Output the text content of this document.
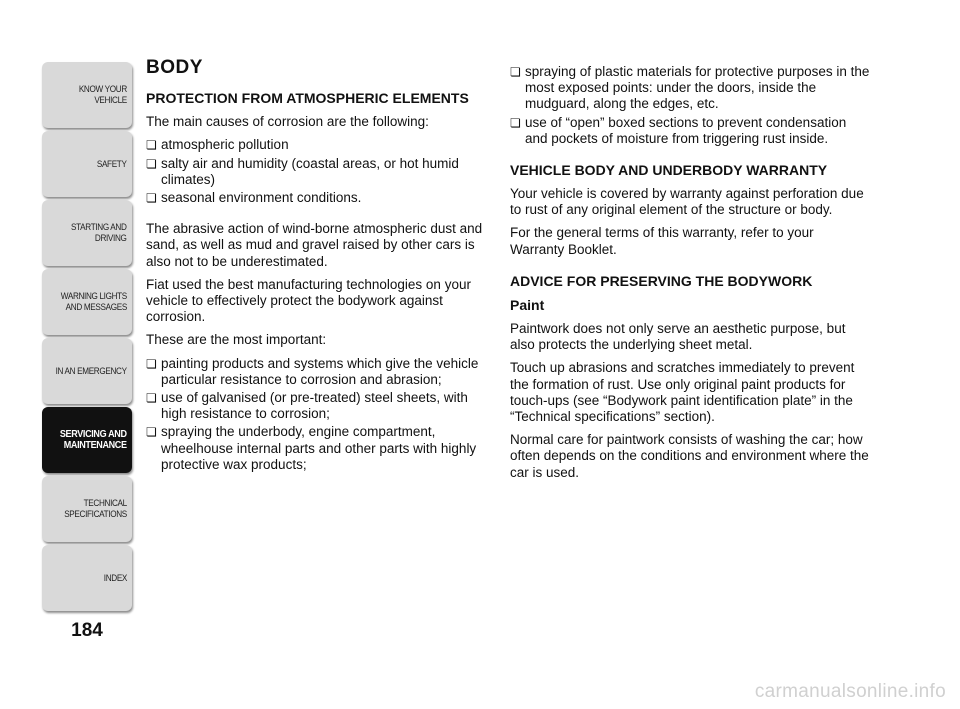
KNOW YOUR
VEHICLE
SAFETY
STARTING AND
DRIVING
WARNING LIGHTS
AND MESSAGES
IN AN EMERGENCY
SERVICING AND
MAINTENANCE
TECHNICAL
SPECIFICATIONS
INDEX
184
BODY
PROTECTION FROM ATMOSPHERIC ELEMENTS

The main causes of corrosion are the following:

❏ atmospheric pollution
❏ salty air and humidity (coastal areas, or hot humid climates)
❏ seasonal environment conditions.

The abrasive action of wind-borne atmospheric dust and sand, as well as mud and gravel raised by other cars is also not to be underestimated.

Fiat used the best manufacturing technologies on your vehicle to effectively protect the bodywork against corrosion.

These are the most important:

❏ painting products and systems which give the vehicle particular resistance to corrosion and abrasion;
❏ use of galvanised (or pre-treated) steel sheets, with high resistance to corrosion;
❏ spraying the underbody, engine compartment, wheelhouse internal parts and other parts with highly protective wax products;
❏ spraying of plastic materials for protective purposes in the most exposed points: under the doors, inside the mudguard, along the edges, etc.
❏ use of “open” boxed sections to prevent condensation and pockets of moisture from triggering rust inside.
VEHICLE BODY AND UNDERBODY WARRANTY

Your vehicle is covered by warranty against perforation due to rust of any original element of the structure or body.

For the general terms of this warranty, refer to your Warranty Booklet.

ADVICE FOR PRESERVING THE BODYWORK
Paint

Paintwork does not only serve an aesthetic purpose, but also protects the underlying sheet metal.

Touch up abrasions and scratches immediately to prevent the formation of rust. Use only original paint products for touch-ups (see “Bodywork paint identification plate” in the “Technical specifications” section).

Normal care for paintwork consists of washing the car; how often depends on the conditions and environment where the car is used.

carmanualsonline.info
